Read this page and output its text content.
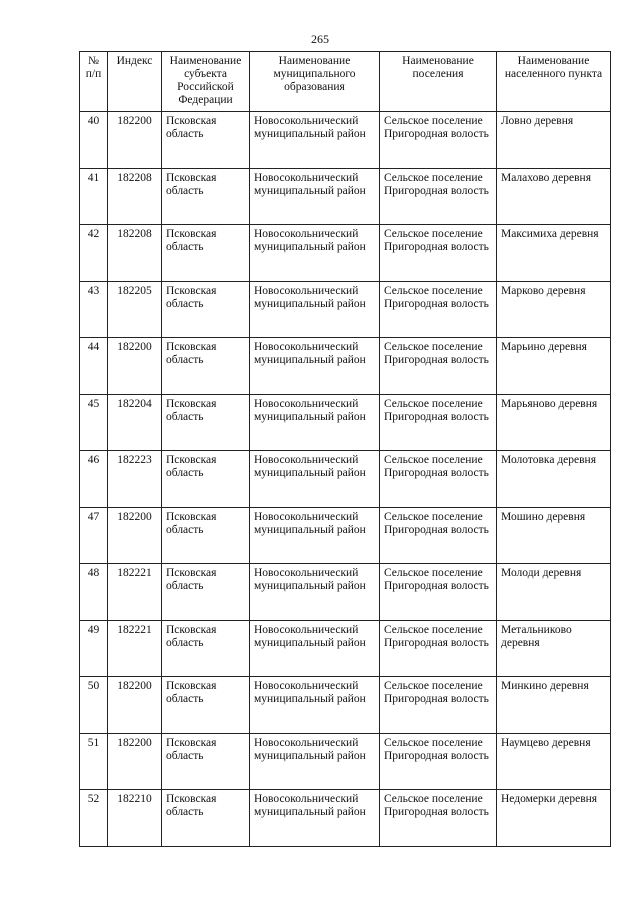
265
№ п/п	Индекс	Наименование субъекта Российской Федерации	Наименование муниципального образования	Наименование поселения	Наименование населенного пункта
40	182200	Псковская область	Новосокольнический муниципальный район	Сельское поселение Пригородная волость	Ловно деревня
41	182208	Псковская область	Новосокольнический муниципальный район	Сельское поселение Пригородная волость	Малахово деревня
42	182208	Псковская область	Новосокольнический муниципальный район	Сельское поселение Пригородная волость	Максимиха деревня
43	182205	Псковская область	Новосокольнический муниципальный район	Сельское поселение Пригородная волость	Марково деревня
44	182200	Псковская область	Новосокольнический муниципальный район	Сельское поселение Пригородная волость	Марьино деревня
45	182204	Псковская область	Новосокольнический муниципальный район	Сельское поселение Пригородная волость	Марьяново деревня
46	182223	Псковская область	Новосокольнический муниципальный район	Сельское поселение Пригородная волость	Молотовка деревня
47	182200	Псковская область	Новосокольнический муниципальный район	Сельское поселение Пригородная волость	Мошино деревня
48	182221	Псковская область	Новосокольнический муниципальный район	Сельское поселение Пригородная волость	Молоди деревня
49	182221	Псковская область	Новосокольнический муниципальный район	Сельское поселение Пригородная волость	Метальниково деревня
50	182200	Псковская область	Новосокольнический муниципальный район	Сельское поселение Пригородная волость	Минкино деревня
51	182200	Псковская область	Новосокольнический муниципальный район	Сельское поселение Пригородная волость	Наумцево деревня
52	182210	Псковская область	Новосокольнический муниципальный район	Сельское поселение Пригородная волость	Недомерки деревня
